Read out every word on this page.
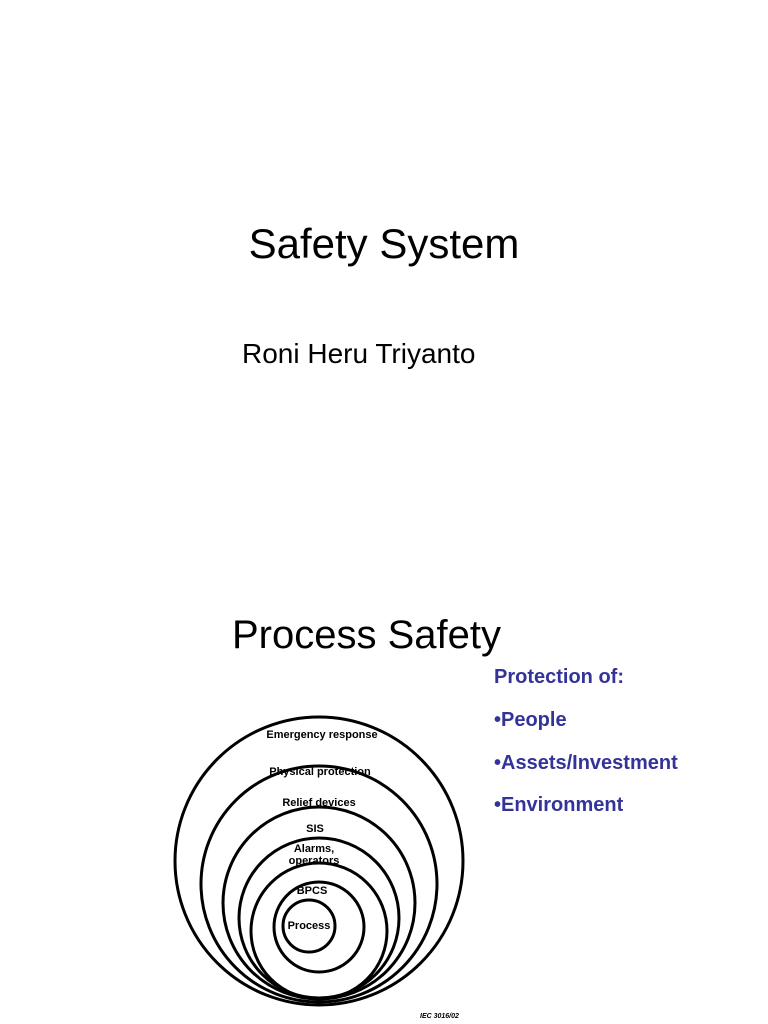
Safety System
Roni Heru Triyanto
Process Safety
Protection of:
•People
•Assets/Investment
•Environment
Emergency response
Physical protection
Relief devices
SIS
Alarms,
operators
BPCS
Process
IEC 3016/02
